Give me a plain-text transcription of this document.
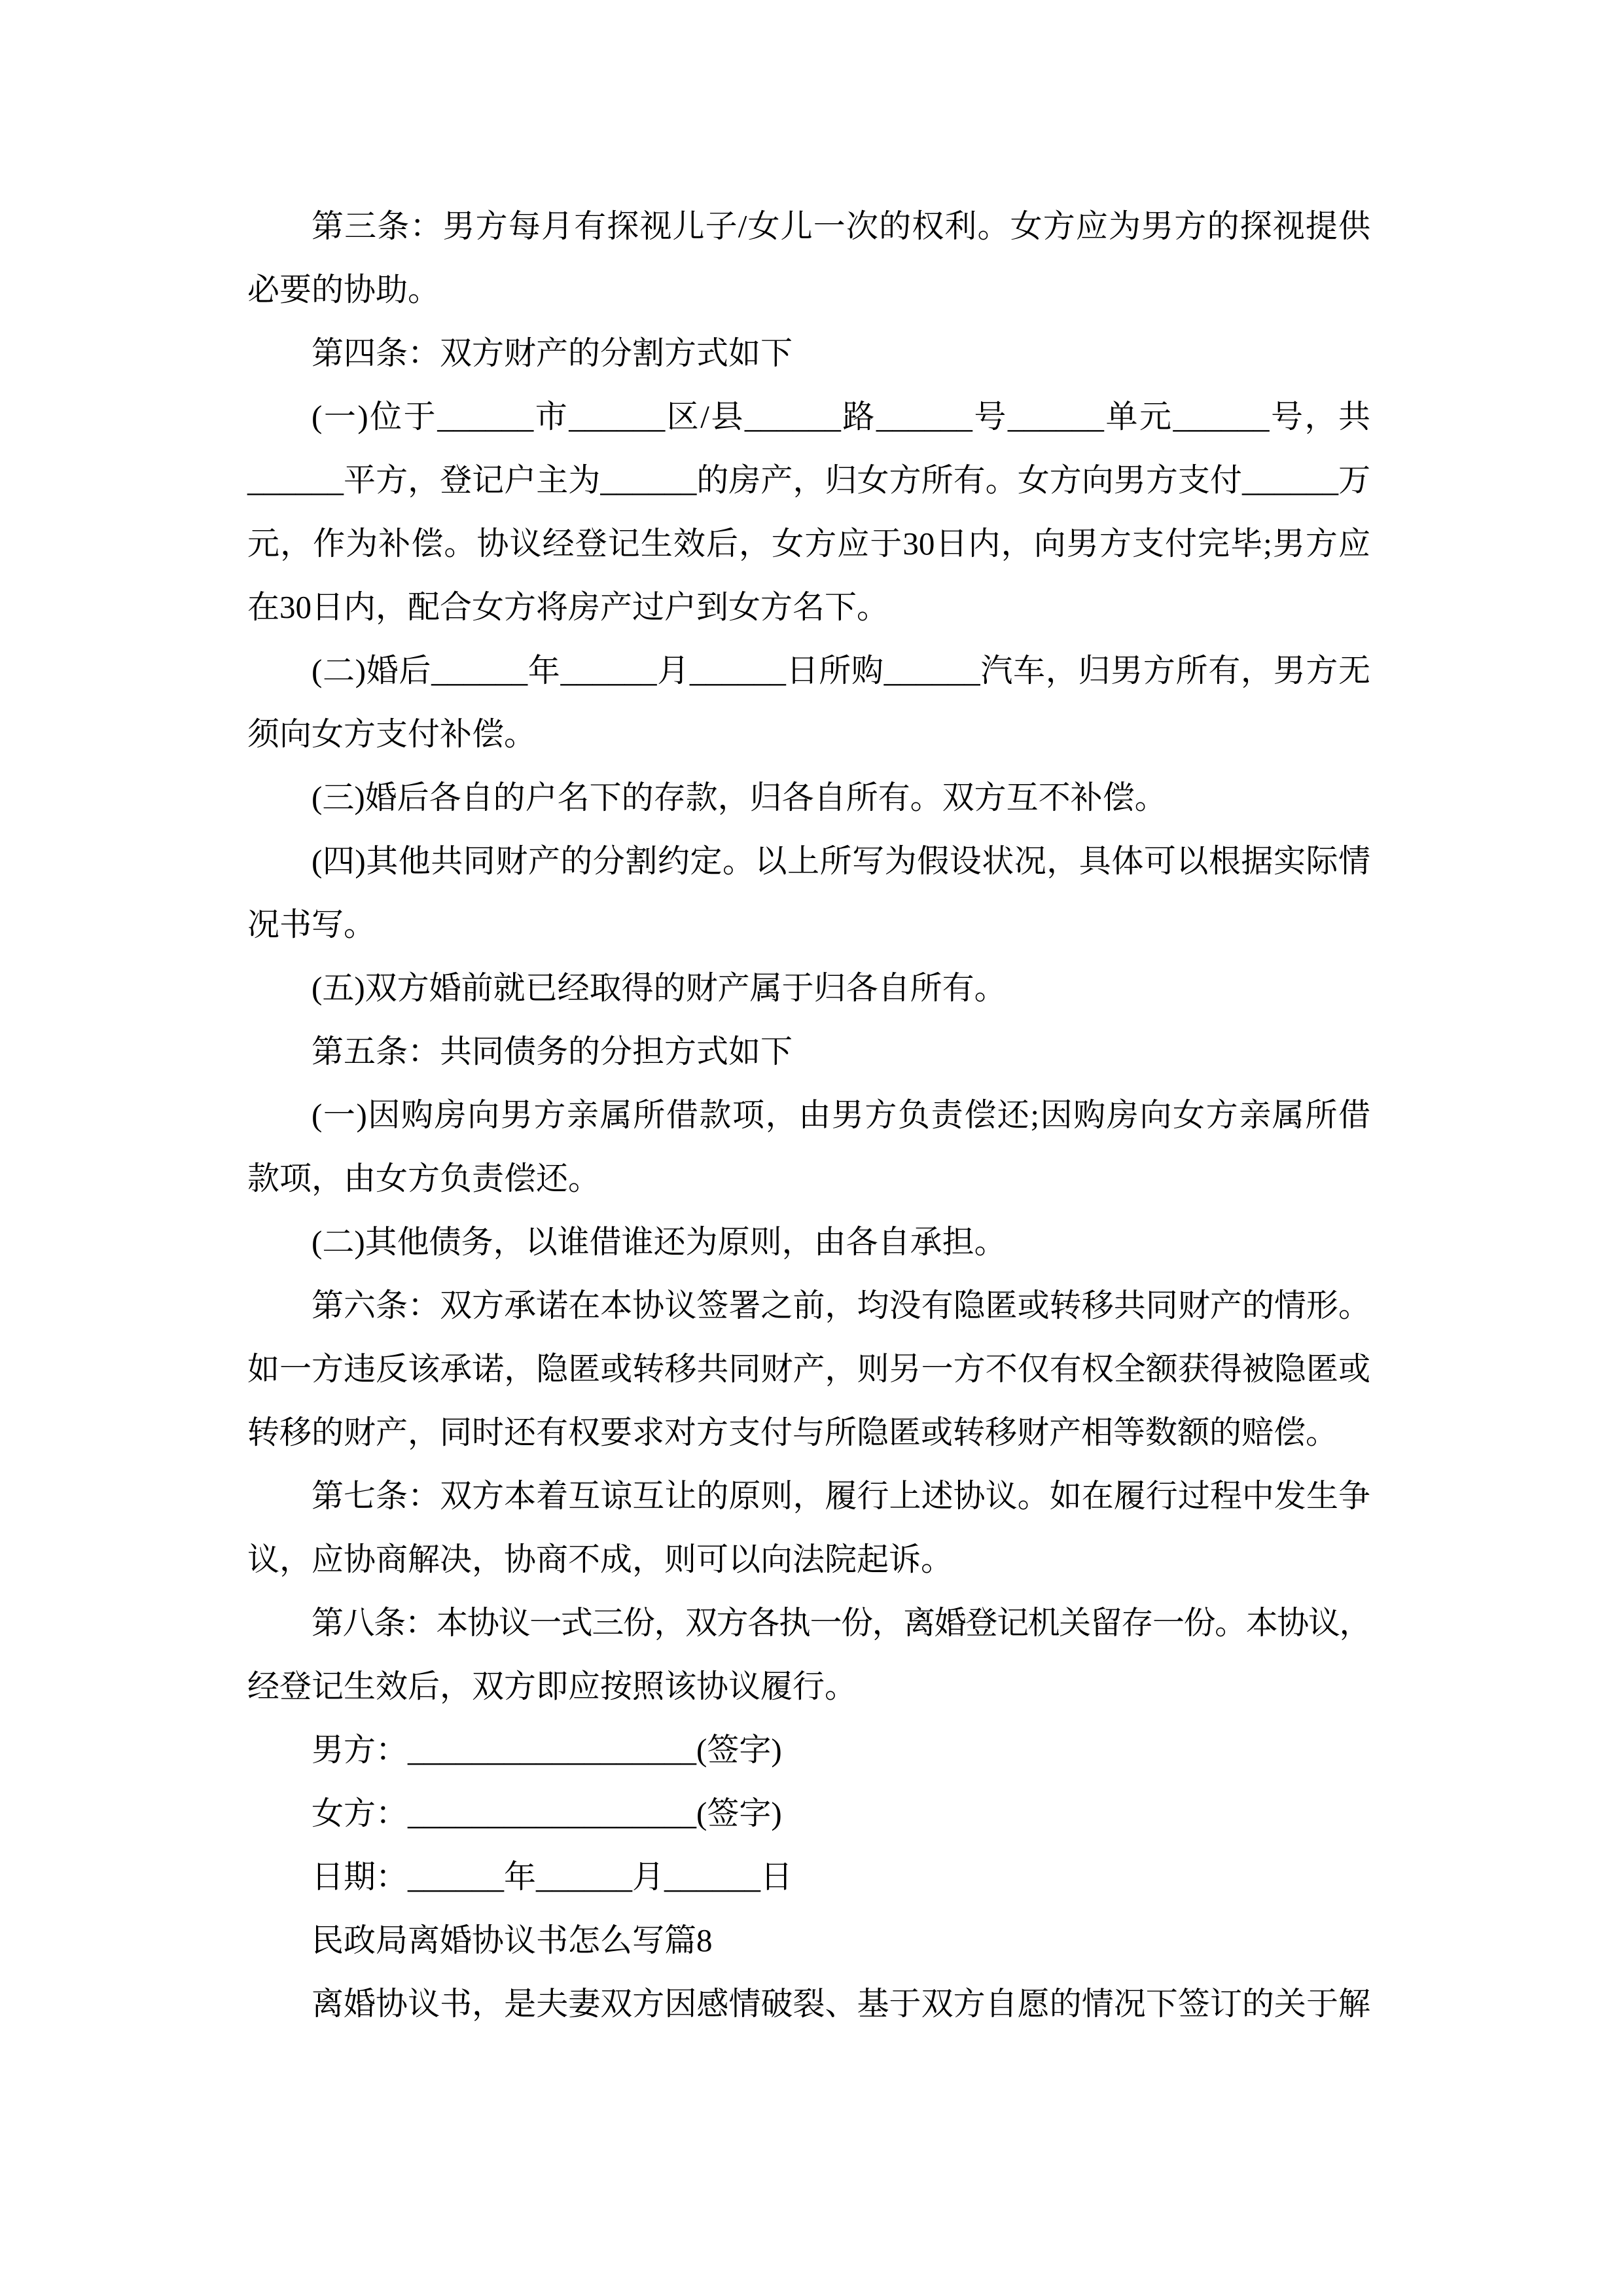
第三条：男方每月有探视儿子/女儿一次的权利。女方应为男方的探视提供
必要的协助。
第四条：双方财产的分割方式如下
(一)位于______市______区/县______路______号______单元______号，共
______平方，登记户主为______的房产，归女方所有。女方向男方支付______万
元，作为补偿。协议经登记生效后，女方应于30日内，向男方支付完毕;男方应
在30日内，配合女方将房产过户到女方名下。
(二)婚后______年______月______日所购______汽车，归男方所有，男方无
须向女方支付补偿。
(三)婚后各自的户名下的存款，归各自所有。双方互不补偿。
(四)其他共同财产的分割约定。以上所写为假设状况，具体可以根据实际情
况书写。
(五)双方婚前就已经取得的财产属于归各自所有。
第五条：共同债务的分担方式如下
(一)因购房向男方亲属所借款项，由男方负责偿还;因购房向女方亲属所借
款项，由女方负责偿还。
(二)其他债务，以谁借谁还为原则，由各自承担。
第六条：双方承诺在本协议签署之前，均没有隐匿或转移共同财产的情形。
如一方违反该承诺，隐匿或转移共同财产，则另一方不仅有权全额获得被隐匿或
转移的财产，同时还有权要求对方支付与所隐匿或转移财产相等数额的赔偿。
第七条：双方本着互谅互让的原则，履行上述协议。如在履行过程中发生争
议，应协商解决，协商不成，则可以向法院起诉。
第八条：本协议一式三份，双方各执一份，离婚登记机关留存一份。本协议，
经登记生效后，双方即应按照该协议履行。
男方：__________________(签字)
女方：__________________(签字)
日期：______年______月______日
民政局离婚协议书怎么写篇8
离婚协议书，是夫妻双方因感情破裂、基于双方自愿的情况下签订的关于解
